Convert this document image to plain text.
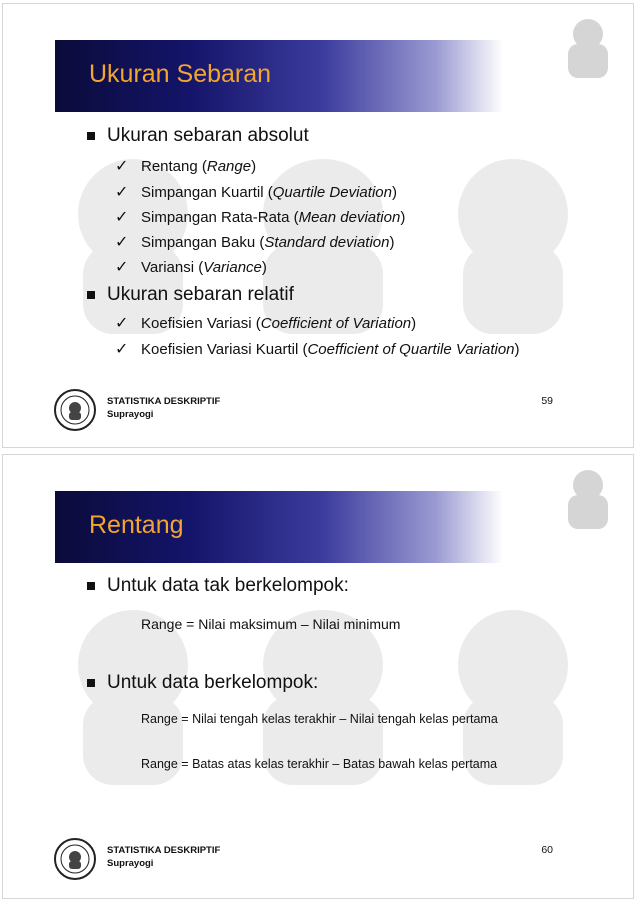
Ukuran Sebaran
Ukuran sebaran absolut
✓ Rentang ( Range )
✓ Simpangan Kuartil ( Quartile Deviation )
✓ Simpangan Rata-Rata ( Mean deviation )
✓ Simpangan Baku ( Standard deviation )
✓ Variansi ( Variance )
Ukuran sebaran relatif
✓ Koefisien Variasi ( Coefficient of Variation )
✓ Koefisien Variasi Kuartil ( Coefficient of Quartile Variation )
STATISTIKA DESKRIPTIF
Suprayogi
59
Rentang
Untuk data tak berkelompok:
Range = Nilai maksimum – Nilai minimum
Untuk data berkelompok:
Range = Nilai tengah kelas terakhir – Nilai tengah kelas pertama
Range = Batas atas kelas terakhir – Batas bawah kelas pertama
STATISTIKA DESKRIPTIF
Suprayogi
60
